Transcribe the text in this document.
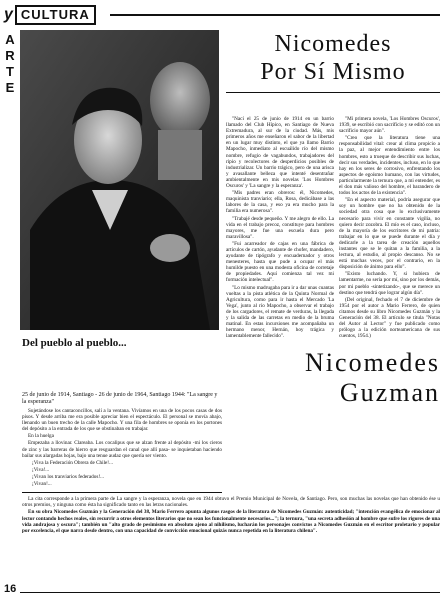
y CULTURA
A
R
T
E
Nicomedes
Por Sí Mismo

"Nací el 25 de junio de 1914 en un barrio llamado del Club Hípico, en Santiago de Nueva Extremadura, al sur de la ciudad. Más, mis primeros años me enseñaron el sabor de la libertad en un lugar muy distinto, el que ya llamo Barrio Mapocho, inmediato al escuálido río del mismo nombre, refugio de vagabundos, trabajadores del ripio y recolectores de desperdicios posibles de industrializar. Un barrio trágico, pero de una arisca y avasallante belleza que intenté desentrañar ambientalmente en mis novelas 'Los Hombres Oscuros' y 'La sangre y la esperanza'.

"Mis padres eran obreros: él, Nicomedes, maquinista tranviario; ella, Rosa, dedicábase a las labores de la casa, y eso ya era mucho para la familia era numerosa".

"Trabajé desde pequeño. Y me alegro de ello. La vida en el trabajo precoz, constituye para hombres mayores, me fue una escuela dura pero maravillosa".

"Fui acarreador de cajas en una fábrica de artículos de cartón, ayudante de chofer, mandadero, ayudante de tipógrafo y encuadernador y otros menesteres, hasta que pude a ocupar el más humilde puesto en una modesta oficina de corretaje de propiedades. Aquí comienza tal vez mi formación intelectual".

"Lo mismo madrugaba para ir a dar unas cuantas vueltas a la pista atlética de la Quinta Normal de Agricultura, como para ir hasta el Mercado 'La Vega', junto al río Mapocho, a observar el trabajo de los cargadores, el remate de verduras, la llegada y la salida de las carretas en medio de la bruma matinal. En estas incursiones me acompañaba un hermano menor, Hernán, hoy trágica y lamentablemente fallecido".

"Mi primera novela, 'Los Hombres Oscuros', 1939, se escribió con sacrificio y se editó con un sacrificio mayor aún".

"Creo que la literatura tiene una responsabilidad vital: crear al clima propicio a la paz, al mejor entendimiento entre los hombres, esto a trueque de describir sus luchas, decir sus verdades, incidentes, incluso, en lo que hay en los seres de corrosivo, enfrentando los aspectos de egoísmo humano, con las virtudes, particularmente la ternura que, a mi entender, es el don más valioso del hombre, el barandero de todos los actos de la existencia".

"En el aspecto material, podría asegurar que soy un hombre que no ha obtenido de la sociedad otra cosa que lo exclusivamente necesario para vivir en constante vigilia, no quiero decir zozobra. El mío es el caso, incluso, de la mayoría de los escritores de mi patria: trabajar en lo que se puede durante el día y dedicarle a la tarea de creación aquellos instantes que se le quitan a la familia, a la lectura, al estudio, al propio descanso. No se está muchas veces, por el contrario, en la disposición de ánimo para ello".

"Existo luchando. Y, si hubiera de lamentarme, no sería por mí, sino por los demás, por mi pueblo -sintetizando-, que se merece un destino que tendrá que lograr algún día".

(Del original, fechado el 7 de diciembre de 1954 por el autor a Mario Ferrero, de quien citamos desde su libro Nicomedes Guzmán y la Generación del 38. El artículo se titula "Notas del Autor al Lector" y fue publicado como prólogo a la edición norteamericana de sus cuentos, 1954.)

Del pueblo al pueblo...
Nicomedes
Guzman
25 de junio de 1914, Santiago - 26 de junio de 1964, Santiago 1944: "La sangre y la esperanza"

Sujetándose los cantaconcillos, salí a la ventana. Vivíamos en una de los pocos casas de dos pisos. Y desde arriba me era posible apreciar bien el espectáculo. El personal se movía abajo, llenando un buen trecho de la calle Mapocho. Y una fila de hombres se oponía en los portones del depósito a la entrada de los que se obstinaban en trabajar.

En la huelga

Empezaba a llovinar. Clareaba. Los cocalipus que se alzan frente al depósito -mi los cieros de zinc y las barreras de hierro que resguardan el canal que allí pasa- se inquietaban haciendo bailar sus alargadas hojas, bajo una tenue audaz que quería ser viento.

¡Viva la Federación Obrera de Chile!...

¡Viva!...

¡Vivan los tranviarios federados!...

¡Vivan!...

La cita corresponde a la primera parte de La sangre y la esperanza, novela que en 1944 obtuvo el Premio Municipal de Novela, de Santiago. Pero, son muchas las novelas que han obtenido ése u otros premios, y ninguna como ésta ha significado tanto en las letras nacionales.

En su obra Nicomedes Guzmán y la Generación del 38, Mario Ferrero apunta algunos rasgos de la literatura de Nicomedes Guzmán: autenticidad; "intención evangélica de emocionar al lector contando hechos reales, sin recurrir a otros elementos literarios que no sean los funcionalmente necesarios..."; la ternura, "una secreta adhesión al hombre que sufre los rigores de una vida andrajosa y oscura"; también un "alto grado de pesimismo en absoluto ajeno al nihilismo, lucharán los personajes convictos a Nicomedes Guzmán en el escritor proletario y popular por excelencia, el que narra desde dentro, con una capacidad de convicción emocional quizás nunca repetida en la literatura chilena".

16
